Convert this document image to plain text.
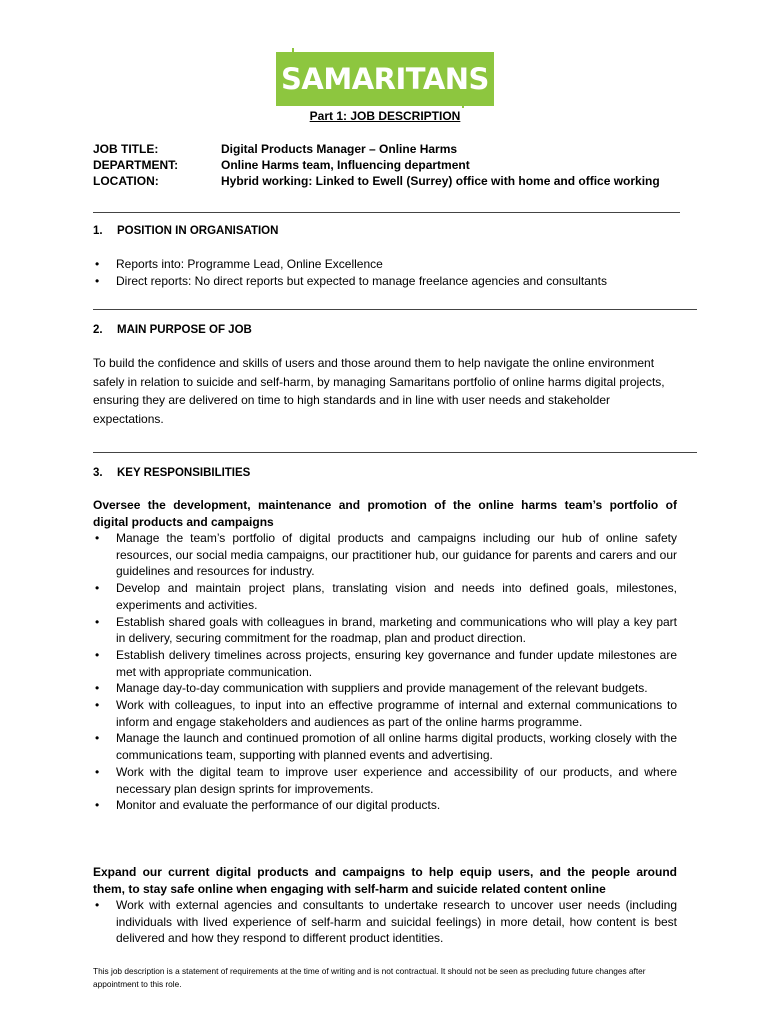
SAMARITANS
Part 1: JOB DESCRIPTION
JOB TITLE:	Digital Products Manager – Online Harms
DEPARTMENT:	Online Harms team, Influencing department
LOCATION:	Hybrid working: Linked to Ewell (Surrey) office with home and office working
1. POSITION IN ORGANISATION
• Reports into: Programme Lead, Online Excellence
• Direct reports: No direct reports but expected to manage freelance agencies and consultants
2. MAIN PURPOSE OF JOB
To build the confidence and skills of users and those around them to help navigate the online environment safely in relation to suicide and self-harm, by managing Samaritans portfolio of online harms digital projects, ensuring they are delivered on time to high standards and in line with user needs and stakeholder expectations.
3. KEY RESPONSIBILITIES
Oversee the development, maintenance and promotion of the online harms team’s portfolio of
digital products and campaigns
• Manage the team’s portfolio of digital products and campaigns including our hub of online safety resources, our social media campaigns, our practitioner hub, our guidance for parents and carers and our guidelines and resources for industry.
• Develop and maintain project plans, translating vision and needs into defined goals, milestones, experiments and activities.
• Establish shared goals with colleagues in brand, marketing and communications who will play a key part in delivery, securing commitment for the roadmap, plan and product direction.
• Establish delivery timelines across projects, ensuring key governance and funder update milestones are met with appropriate communication.
• Manage day-to-day communication with suppliers and provide management of the relevant budgets.
• Work with colleagues, to input into an effective programme of internal and external communications to inform and engage stakeholders and audiences as part of the online harms programme.
• Manage the launch and continued promotion of all online harms digital products, working closely with the communications team, supporting with planned events and advertising.
• Work with the digital team to improve user experience and accessibility of our products, and where necessary plan design sprints for improvements.
• Monitor and evaluate the performance of our digital products.
Expand our current digital products and campaigns to help equip users, and the people around
them, to stay safe online when engaging with self-harm and suicide related content online
• Work with external agencies and consultants to undertake research to uncover user needs (including individuals with lived experience of self-harm and suicidal feelings) in more detail, how content is best delivered and how they respond to different product identities.
This job description is a statement of requirements at the time of writing and is not contractual. It should not be seen as precluding future changes after appointment to this role.
